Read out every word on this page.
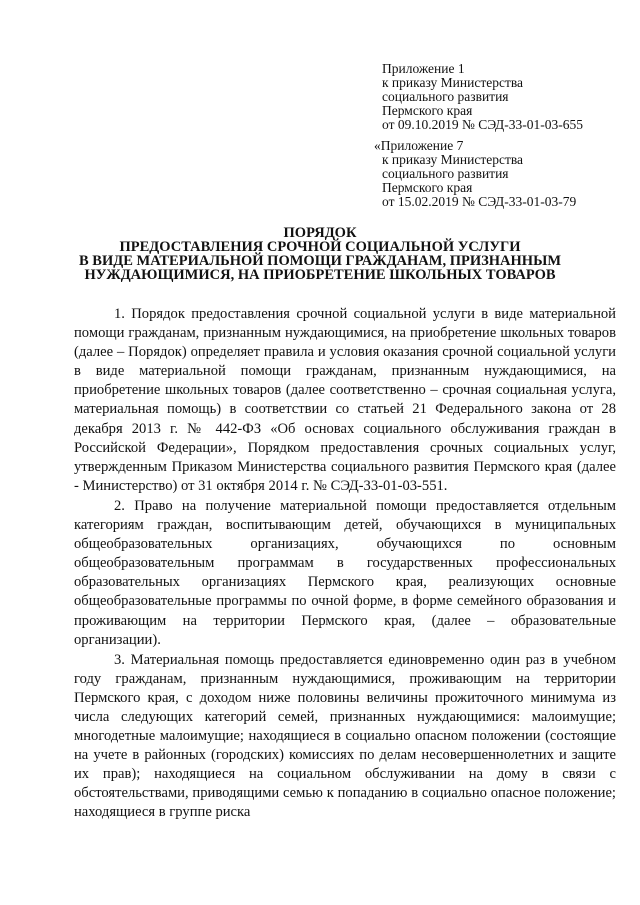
Приложение 1
к приказу Министерства
социального развития
Пермского края
от 09.10.2019 № СЭД-33-01-03-655
«Приложение 7
к приказу Министерства
социального развития
Пермского края
от 15.02.2019 № СЭД-33-01-03-79
ПОРЯДОК
ПРЕДОСТАВЛЕНИЯ СРОЧНОЙ СОЦИАЛЬНОЙ УСЛУГИ
В ВИДЕ МАТЕРИАЛЬНОЙ ПОМОЩИ ГРАЖДАНАМ, ПРИЗНАННЫМ
НУЖДАЮЩИМИСЯ, НА ПРИОБРЕТЕНИЕ ШКОЛЬНЫХ ТОВАРОВ

1. Порядок предоставления срочной социальной услуги в виде материальной помощи гражданам, признанным нуждающимися, на приобретение школьных товаров (далее – Порядок) определяет правила и условия оказания срочной социальной услуги в виде материальной помощи гражданам, признанным нуждающимися, на приобретение школьных товаров (далее соответственно – срочная социальная услуга, материальная помощь) в соответствии со статьей 21 Федерального закона от 28 декабря 2013 г. № 442-ФЗ «Об основах социального обслуживания граждан в Российской Федерации», Порядком предоставления срочных социальных услуг, утвержденным Приказом Министерства социального развития Пермского края (далее - Министерство) от 31 октября 2014 г. № СЭД-33-01-03-551.

2. Право на получение материальной помощи предоставляется отдельным категориям граждан, воспитывающим детей, обучающихся в муниципальных общеобразовательных организациях, обучающихся по основным общеобразовательным программам в государственных профессиональных образовательных организациях Пермского края, реализующих основные общеобразовательные программы по очной форме, в форме семейного образования и проживающим на территории Пермского края, (далее – образовательные организации).

3. Материальная помощь предоставляется единовременно один раз в учебном году гражданам, признанным нуждающимися, проживающим на территории Пермского края, с доходом ниже половины величины прожиточного минимума из числа следующих категорий семей, признанных нуждающимися: малоимущие; многодетные малоимущие; находящиеся в социально опасном положении (состоящие на учете в районных (городских) комиссиях по делам несовершеннолетних и защите их прав); находящиеся на социальном обслуживании на дому в связи с обстоятельствами, приводящими семью к попаданию в социально опасное положение; находящиеся в группе риска
